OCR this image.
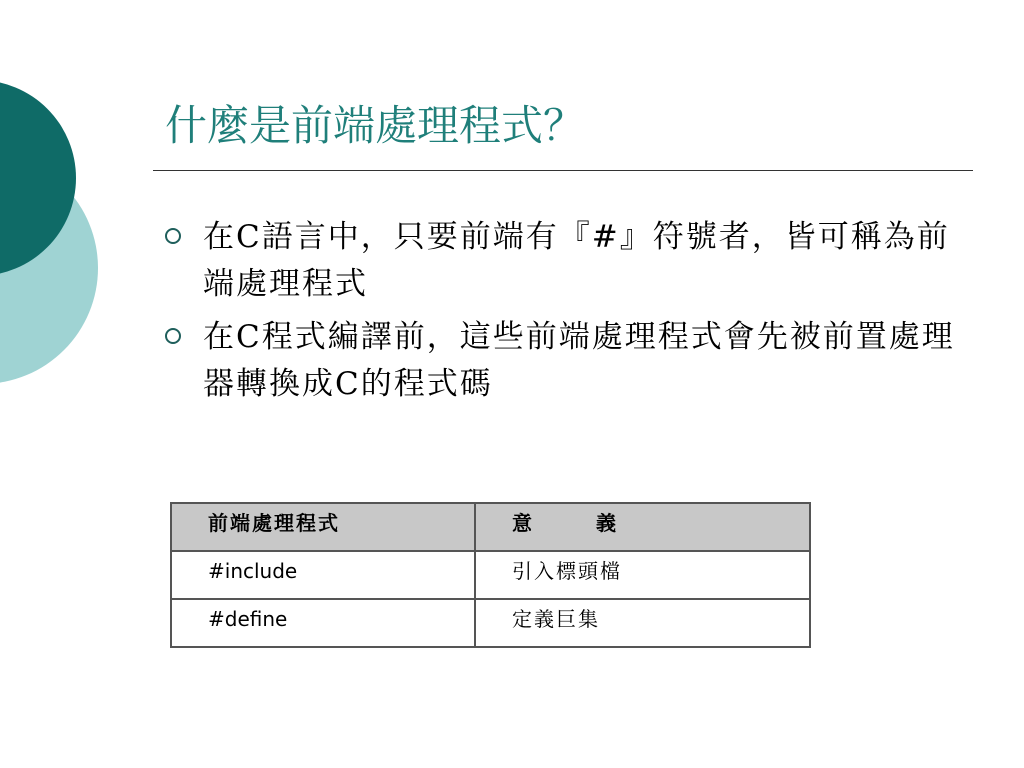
什麼是前端處理程式？
在C語言中，只要前端有『#』符號者，皆可稱為前端處理程式
在C程式編譯前，這些前端處理程式會先被前置處理器轉換成C的程式碼
前端處理程式	意　　義
#include	引入標頭檔
#define	定義巨集
